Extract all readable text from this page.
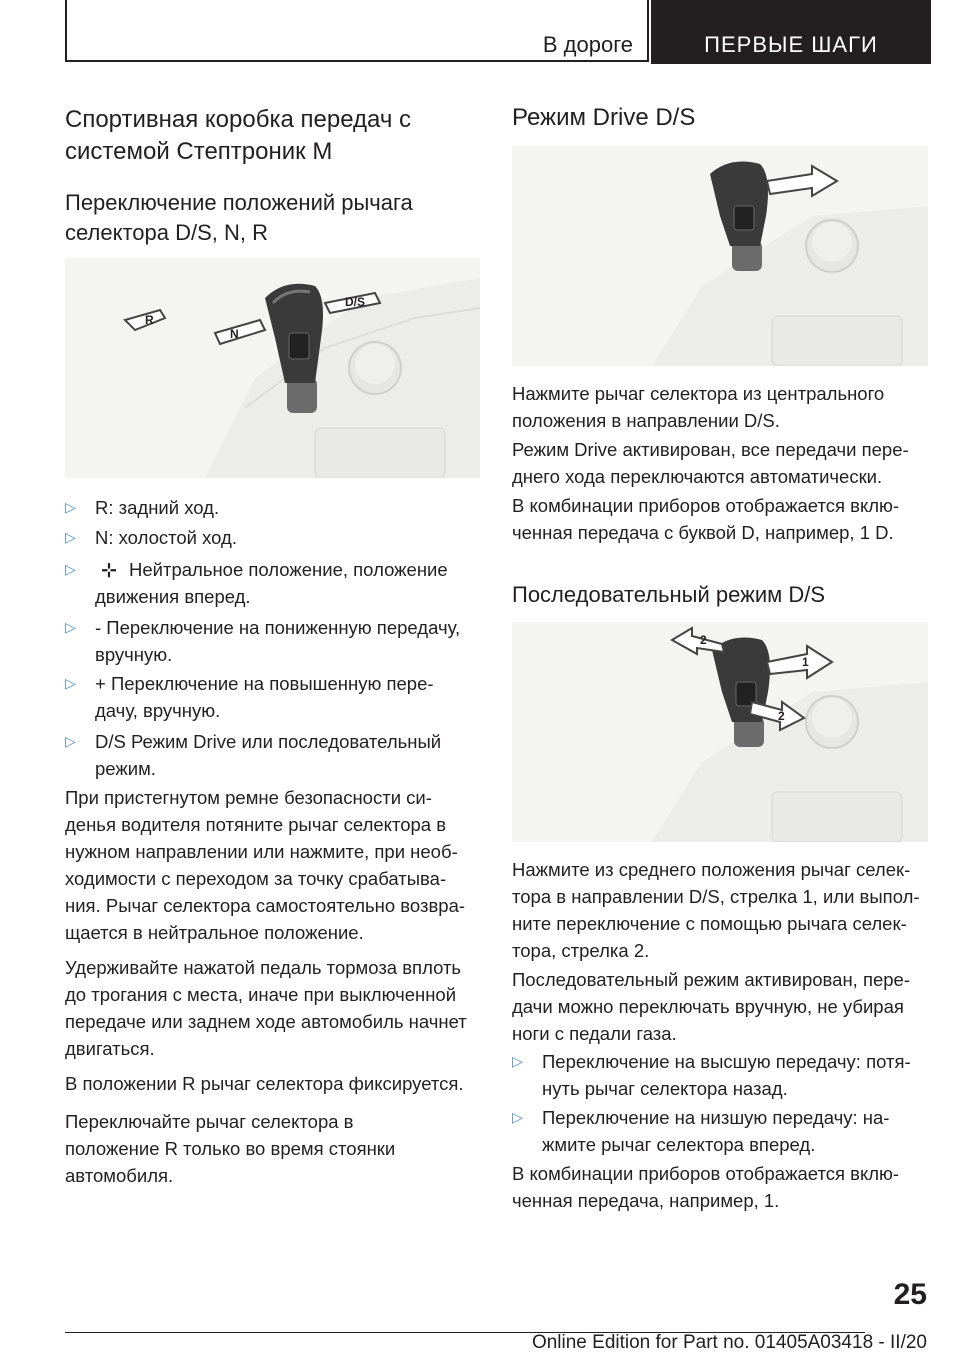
В дороге	ПЕРВЫЕ ШАГИ
Спортивная коробка передач с
системой Стептроник M
Переключение положений рычага
селектора D/S, N, R
R
N
D/S
▷ R: задний ход.
▷ N: холостой ход.
▷	⊹ Нейтральное положение, положение
движения вперед.
▷ - Переключение на пониженную передачу,
вручную.
▷ + Переключение на повышенную пере-
дачу, вручную.
▷ D/S Режим Drive или последовательный
режим.

При пристегнутом ремне безопасности си-

денья водителя потяните рычаг селектора в

нужном направлении или нажмите, при необ-

ходимости с переходом за точку срабатыва-

ния. Рычаг селектора самостоятельно возвра-

щается в нейтральное положение.

Удерживайте нажатой педаль тормоза вплоть

до трогания с места, иначе при выключенной

передаче или заднем ходе автомобиль начнет

двигаться.

В положении R рычаг селектора фиксируется.

Переключайте рычаг селектора в

положение R только во время стоянки

автомобиля.

Режим Drive D/S

Нажмите рычаг селектора из центрального

положения в направлении D/S.

Режим Drive активирован, все передачи пере-

днего хода переключаются автоматически.

В комбинации приборов отображается вклю-

ченная передача с буквой D, например, 1 D.

Последовательный режим D/S
1
2
2

Нажмите из среднего положения рычаг селек-

тора в направлении D/S, стрелка 1, или выпол-

ните переключение с помощью рычага селек-

тора, стрелка 2.

Последовательный режим активирован, пере-

дачи можно переключать вручную, не убирая

ноги с педали газа.

▷ Переключение на высшую передачу: потя-
нуть рычаг селектора назад.
▷ Переключение на низшую передачу: на-
жмите рычаг селектора вперед.

В комбинации приборов отображается вклю-

ченная передача, например, 1.

25
Online Edition for Part no. 01405A03418 - II/20
